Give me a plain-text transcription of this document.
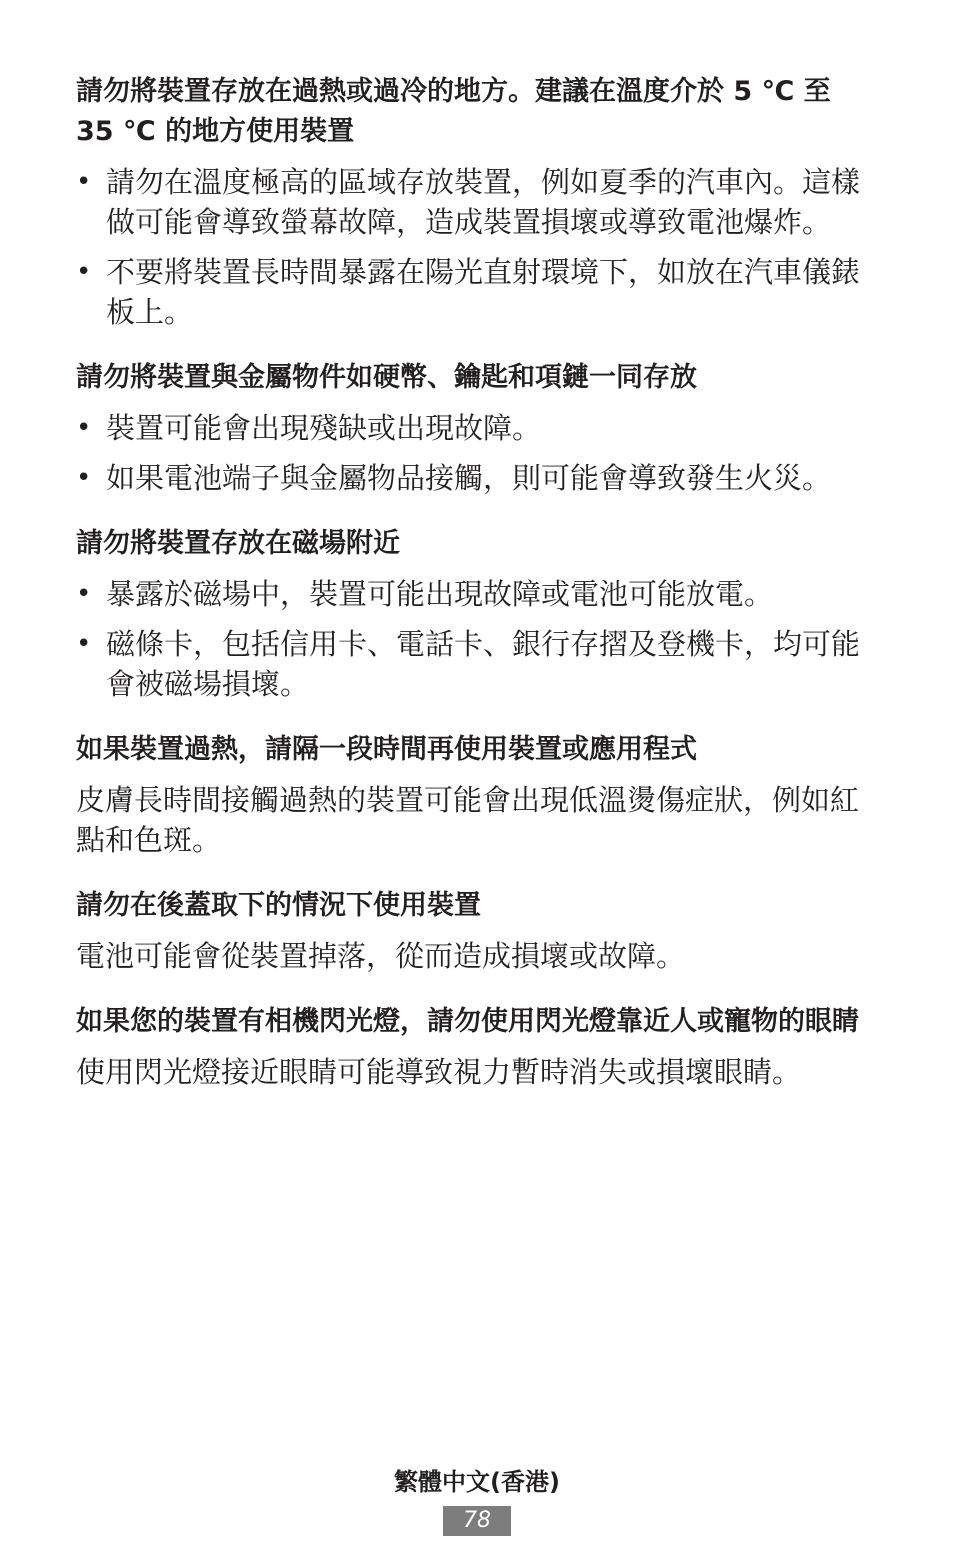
請勿將裝置存放在過熱或過冷的地方。建議在溫度介於 5 ℃ 至 35 ℃ 的地方使用裝置
• 請勿在溫度極高的區域存放裝置，例如夏季的汽車內。這樣做可能會導致螢幕故障，造成裝置損壞或導致電池爆炸。
• 不要將裝置長時間暴露在陽光直射環境下，如放在汽車儀錶板上。
請勿將裝置與金屬物件如硬幣、鑰匙和項鏈一同存放
• 裝置可能會出現殘缺或出現故障。
• 如果電池端子與金屬物品接觸，則可能會導致發生火災。
請勿將裝置存放在磁場附近
• 暴露於磁場中，裝置可能出現故障或電池可能放電。
• 磁條卡，包括信用卡、電話卡、銀行存摺及登機卡，均可能會被磁場損壞。
如果裝置過熱，請隔一段時間再使用裝置或應用程式

皮膚長時間接觸過熱的裝置可能會出現低溫燙傷症狀，例如紅點和色斑。

請勿在後蓋取下的情況下使用裝置

電池可能會從裝置掉落，從而造成損壞或故障。

如果您的裝置有相機閃光燈，請勿使用閃光燈靠近人或寵物的眼睛

使用閃光燈接近眼睛可能導致視力暫時消失或損壞眼睛。

繁體中文(香港)
78
